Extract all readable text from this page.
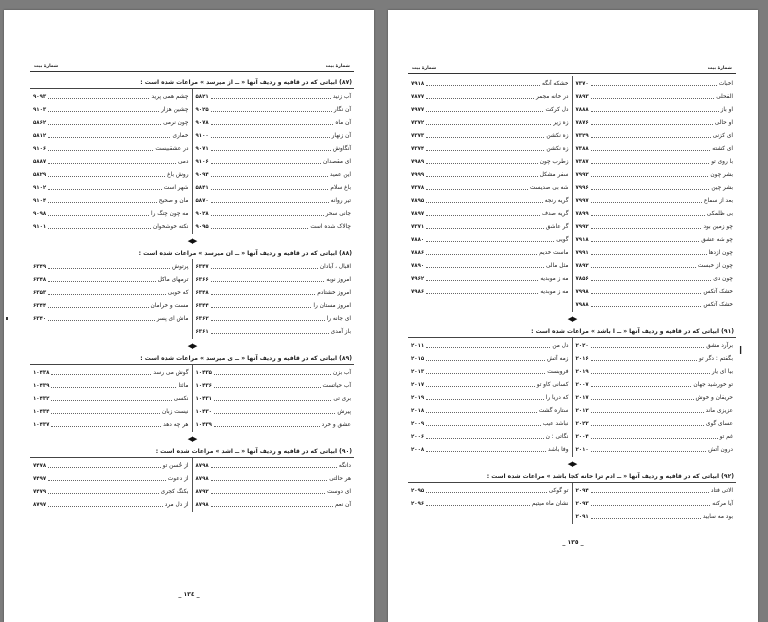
شمارهٔ بیت	شمارهٔ بیت
(۸۷) ابیاتی که در قافیه و ردیف آنها « ــ از میرسد » مراعات شده است :
آب زنید
۵۸۲۱
آن نگار
۹۰۲۵
آن ماه
۹۰۷۸
آن زنهار
۹۱۰۰
آنگاوش
۹۰۷۱
ای مقصدان
۹۱۰۶
این عمید
۹۰۹۴
باغ سلام
۵۸۴۱
تیر روانه
۵۸۷۰
جانی سحر
۹۰۲۸
چالاک شده است
۹۰۹۵
چشم همی پرید
۹۰۹۳
چشین هزار
۹۱۰۳
چون نرمی
۵۸۶۲
خماری
۵۸۱۲
در عشقبیست
۹۱۰۶
دمی
۵۸۸۷
روش باغ
۵۸۲۹
شهر است
۹۱۰۲
مان و صحیح
۹۱۰۴
مه چون چنگ را
۹۰۹۸
نکته خوشخوان
۹۱۰۱
◀▶
(۸۸) ابیاتی که در قافیه و ردیف آنها « ــ ان میرسد » مراعات شده است :
اقبال ، آبادان
۶۳۴۷
امروز نوبه
۶۳۶۶
امروز خشتادم
۶۳۴۸
امروز مستان را
۶۳۴۴
ای جانه را
۶۳۶۲
باز آمدی
۶۳۶۱
پرتوش
۶۳۴۹
ترمهای ماکل
۶۳۴۸
که خوبی
۶۳۵۳
مست و خرامان
۶۳۴۴
ماش ای پسر
۶۳۴۰
◀▶
(۸۹) ابیاتی که در قافیه و ردیف آنها « ــ ی میرسد » مراعات شده است :
آب بزن
۱۰۴۳۵
آب حیاتست
۱۰۴۳۶
بری تی
۱۰۴۳۱
پیرش
۱۰۴۳۰
عشق و خرد
۱۰۴۳۹
گوش می رسد
۱۰۴۳۸
مائتا
۱۰۴۳۹
نکسی
۱۰۴۳۲
نیست زبان
۱۰۴۳۴
هر چه دهد
۱۰۴۳۷
◀▶
(۹۰) ابیاتی که در قافیه و ردیف آنها « ــ اشد » مراعات شده است :
دانگه
۸۷۹۸
هر حالتی
۸۷۹۸
ای دوست
۸۷۹۲
آن نعم
۸۷۹۸
از حُسن تو
۷۴۷۸
از دعوت
۷۴۹۷
بکنگ کجری
۷۴۷۹
از دل مرد
۸۷۹۷
_ ١٣٤ _
شمارهٔ بیت	شمارهٔ بیت
اخبات
۷۳۷۰
الفحلی
۷۸۹۳
او باز
۷۸۸۸
او حالی
۷۸۷۶
ای کزنی
۷۳۲۹
ای کشته
۷۳۸۸
با روی تو
۷۳۸۷
بشر چون
۷۹۹۲
بشر چین
۷۹۹۶
بعد از سماع
۷۹۹۷
بی ظلمکی
۷۸۹۹
چو زمین بود
۷۹۹۲
چو شه عشق
۷۹۱۸
چون ازدها
۷۹۹۱
چون از خبست
۷۸۹۲
چون دی
۷۸۵۶
خشک آتکس
۷۹۹۸
خشک آتکس
۷۹۸۸
خشکه آنگه
۷۹۱۸
در خانه مجمر
۷۸۷۷
دل کرکت
۷۹۷۷
زه زیر
۷۳۷۲
زه نکشن
۷۳۷۳
زه نکشن
۷۳۷۴
زطرب چون
۷۹۸۹
سفر مشکل
۷۹۹۹
شه بی صدیست
۷۳۷۸
گریه رنجه
۷۸۹۵
گریه صدف
۷۸۹۷
گر عاشق
۷۳۷۱
گویی
۷۸۸۰
ماست خدیم
۷۸۸۶
مثل مالی
۷۸۹۰
مه ز موبدیه
۷۹۶۲
مه ز موبدیه
۷۹۸۶
◀▶
(۹۱) ابیاتی که در قافیه و ردیف آنها « ــ ا باشد » مراعات شده است :
برآرد مشق
۲۰۲۰
بگفتم : دگر تو
۲۰۱۶
بیا ای یار
۲۰۱۹
تو خورشید جهان
۲۰۰۷
حریفان و خوش
۲۰۱۷
عزیزی ماند
۲۰۱۲
عسای گوی
۲۰۲۲
غم تو
۲۰۰۴
درون آتش
۲۰۱۰
دل من
۲۰۱۱
زمه آتش
۲۰۱۵
فروبست
۲۰۱۳
کسانی کاو تو
۲۰۱۷
که دریا را
۲۰۱۹
ستاره گشت
۲۰۱۸
نباشد عیب
۲۰۰۹
نگاتی : ن
۲۰۰۶
وفا باشد
۲۰۰۸
◀▶
(۹۲) ابیاتی که در قافیه و ردیف آنها « ــ ادم ترا خانه کجا باشد » مراعات شده است :
الاتی فتاد
۲۰۹۴
آیا مرکنه
۲۰۹۳
بود مه سابید
۲۰۹۱
تو گوکی
۲۰۹۵
نشان ماه میتیم
۲۰۹۶
❙
_ ١٣٥ _
